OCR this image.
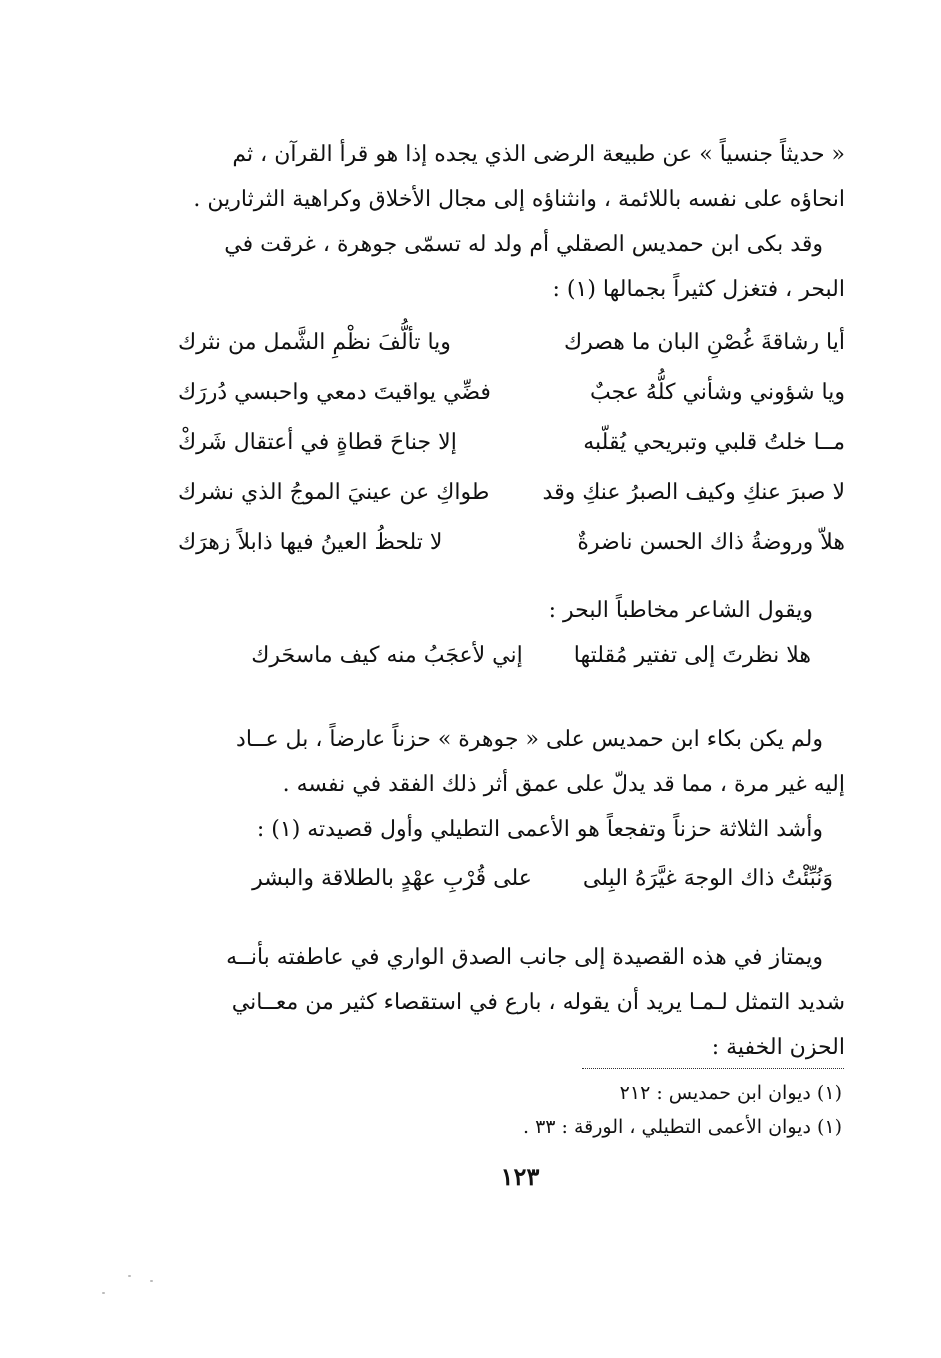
« حديثاً جنسياً » عن طبيعة الرضى الذي يجده إذا هو قرأ القرآن ، ثم

انحاؤه على نفسه باللائمة ، وانثناؤه إلى مجال الأخلاق وكراهية الثرثارين .

وقد بكى ابن حمديس الصقلي أم ولد له تسمّى جوهرة ، غرقت في

البحر ، فتغزل كثيراً بجمالها (١) :

أيا رشاقةَ غُصْنِ البان ما هصرك
ويا تألُّفَ نظْمِ الشَّمل من نثرك
ويا شؤوني وشأني كلُّهُ عجبٌ
فضِّي يواقيتَ دمعي واحبسي دُررَك
مــا خلتُ قلبي وتبريحي يُقلّبه
إلا جناحَ قطاةٍ في أعتقال شَركْ
لا صبرَ عنكِ وكيف الصبرُ عنكِ وقد
طواكِ عن عينيَ الموجُ الذي نشرك
هلاّ وروضةُ ذاك الحسن ناضرةٌ
لا تلحظُ العينُ فيها ذابلاً زهرَك

ويقول الشاعر مخاطباً البحر :

هلا نظرتَ إلى تفتير مُقلتها إني لأعجَبُ منه كيف ماسحَرك

ولم يكن بكاء ابن حمديس على « جوهرة » حزناً عارضاً ، بل عــاد

إليه غير مرة ، مما قد يدلّ على عمق أثر ذلك الفقد في نفسه .

وأشد الثلاثة حزناً وتفجعاً هو الأعمى التطيلي وأول قصيدته (١) :

وَنُبِّئْتُ ذاك الوجهَ غيَّرَهُ البِلى على قُرْبِ عهْدٍ بالطلاقة والبشر

ويمتاز في هذه القصيدة إلى جانب الصدق الواري في عاطفته بأنــه

شديد التمثل لـمـا يريد أن يقوله ، بارع في استقصاء كثير من معــاني

الحزن الخفية :

(١) ديوان ابن حمديس : ٢١٢
(١) ديوان الأعمى التطيلي ، الورقة : ٣٣ .
١٢٣
